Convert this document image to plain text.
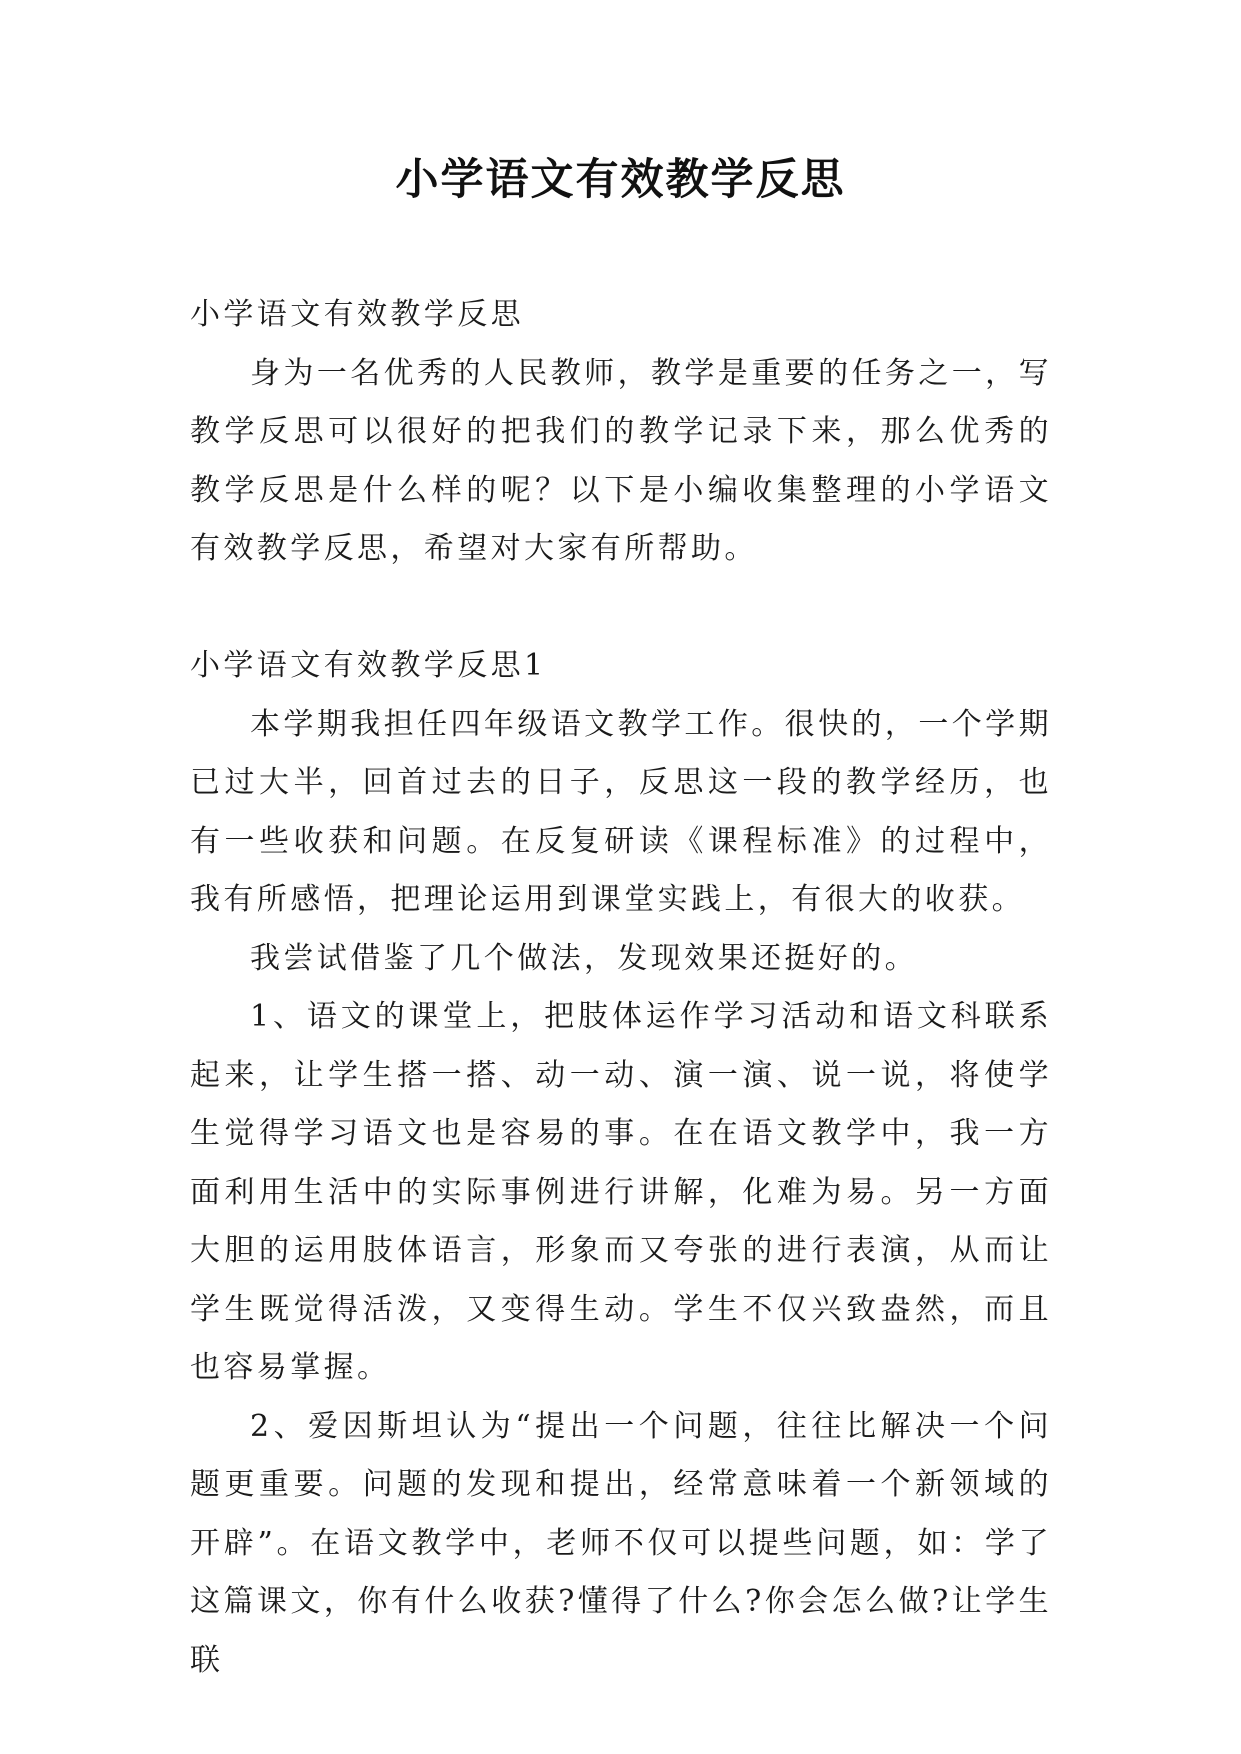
小学语文有效教学反思

小学语文有效教学反思

身为一名优秀的人民教师，教学是重要的任务之一，写教学反思可以很好的把我们的教学记录下来，那么优秀的教学反思是什么样的呢？以下是小编收集整理的小学语文有效教学反思，希望对大家有所帮助。

小学语文有效教学反思1

本学期我担任四年级语文教学工作。很快的，一个学期已过大半，回首过去的日子，反思这一段的教学经历，也有一些收获和问题。在反复研读《课程标准》的过程中，我有所感悟，把理论运用到课堂实践上，有很大的收获。

我尝试借鉴了几个做法，发现效果还挺好的。

1、语文的课堂上，把肢体运作学习活动和语文科联系起来，让学生搭一搭、动一动、演一演、说一说，将使学生觉得学习语文也是容易的事。在在语文教学中，我一方面利用生活中的实际事例进行讲解，化难为易。另一方面大胆的运用肢体语言，形象而又夸张的进行表演，从而让学生既觉得活泼，又变得生动。学生不仅兴致盎然，而且也容易掌握。

2、爱因斯坦认为“提出一个问题，往往比解决一个问题更重要。问题的发现和提出，经常意味着一个新领域的开辟”。在语文教学中，老师不仅可以提些问题，如：学了这篇课文，你有什么收获?懂得了什么?你会怎么做?让学生联
